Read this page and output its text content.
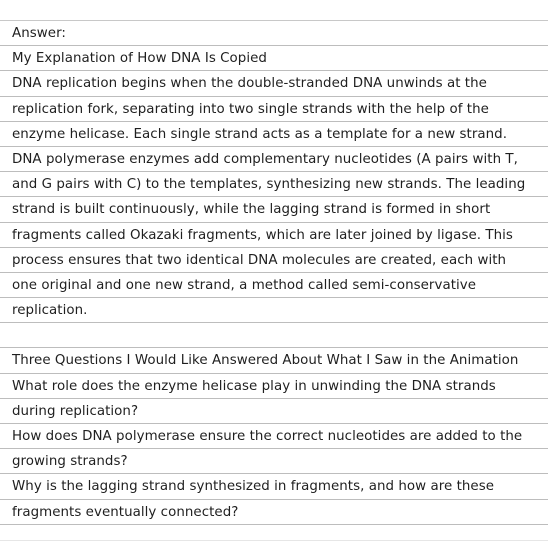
Answer:
My Explanation of How DNA Is Copied
DNA replication begins when the double-stranded DNA unwinds at the
replication fork, separating into two single strands with the help of the
enzyme helicase. Each single strand acts as a template for a new strand.
DNA polymerase enzymes add complementary nucleotides (A pairs with T,
and G pairs with C) to the templates, synthesizing new strands. The leading
strand is built continuously, while the lagging strand is formed in short
fragments called Okazaki fragments, which are later joined by ligase. This
process ensures that two identical DNA molecules are created, each with
one original and one new strand, a method called semi-conservative
replication.
Three Questions I Would Like Answered About What I Saw in the Animation
What role does the enzyme helicase play in unwinding the DNA strands
during replication?
How does DNA polymerase ensure the correct nucleotides are added to the
growing strands?
Why is the lagging strand synthesized in fragments, and how are these
fragments eventually connected?
